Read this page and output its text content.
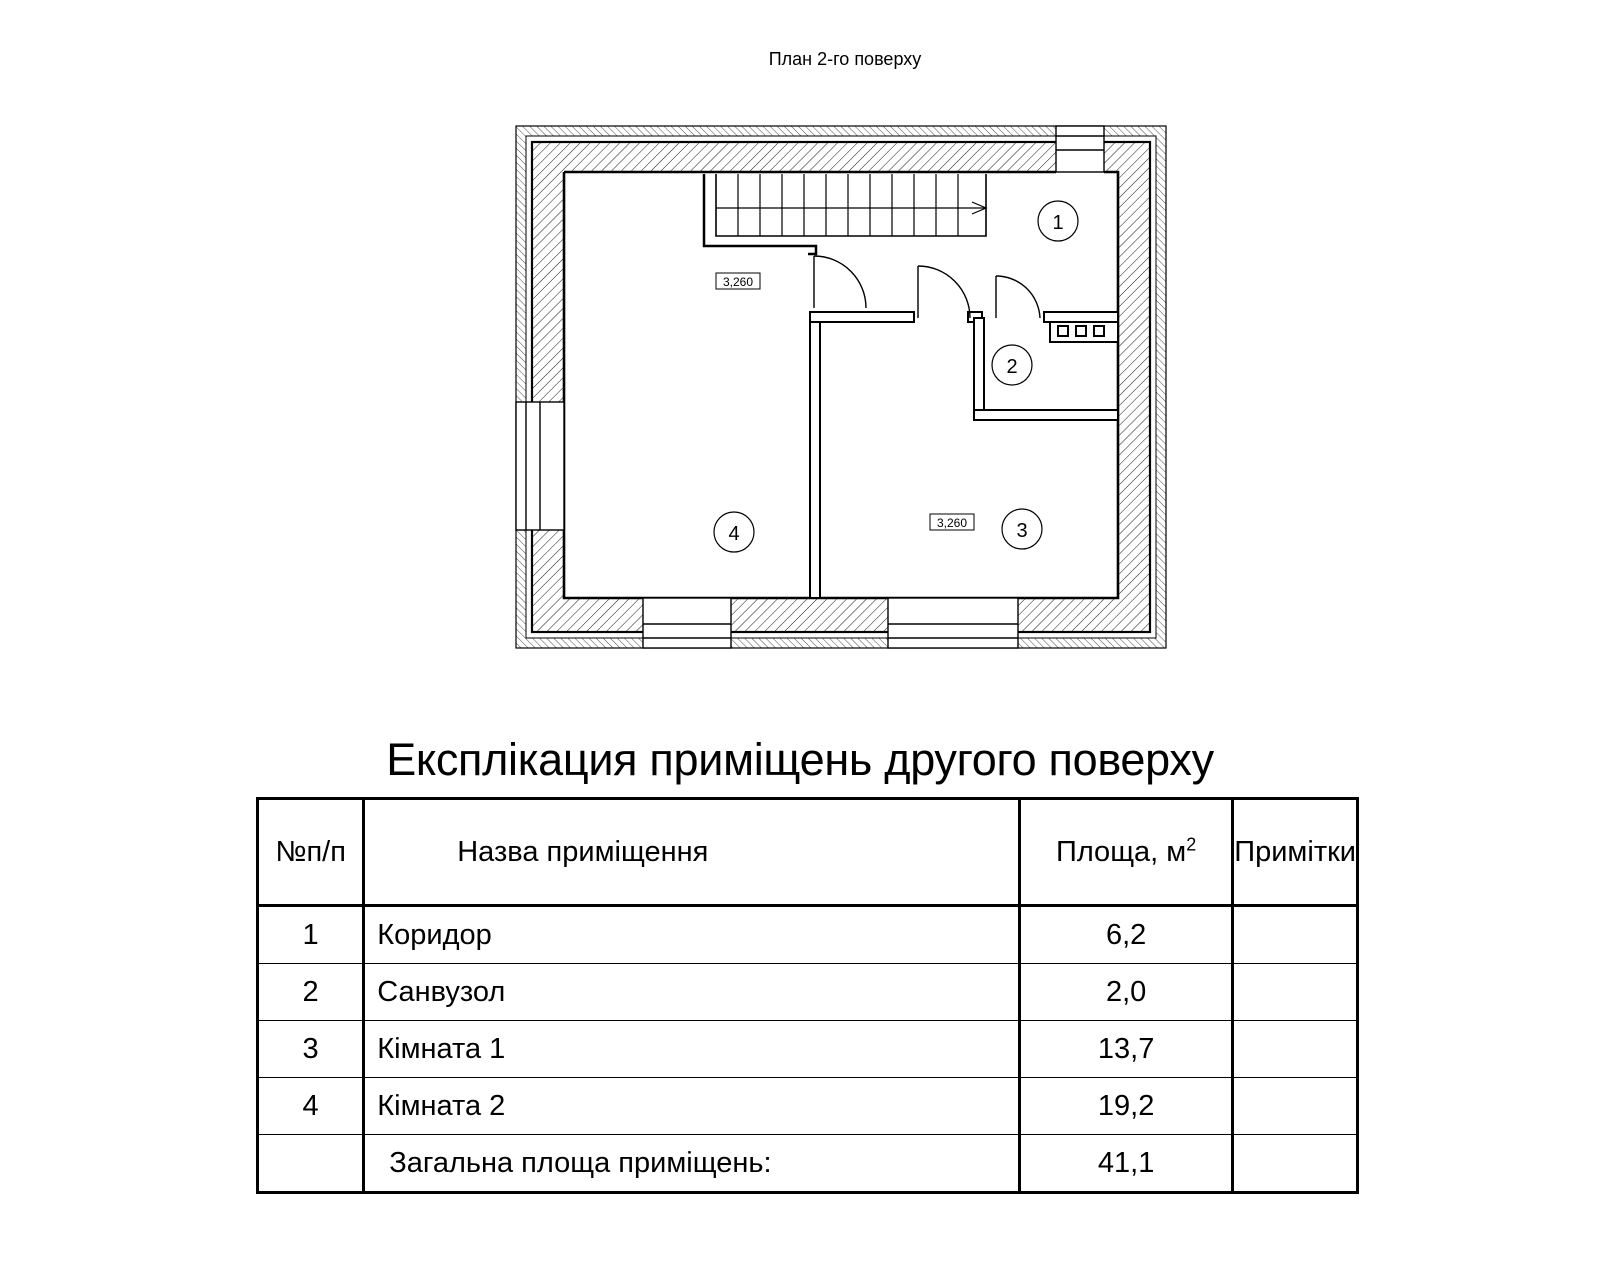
План 2-го поверху
3,260
3,260
1
2
3
4
Експлікация приміщень другого поверху
№п/п	Назва приміщення	Площа, $м^2$	Примітки
1	Коридор	6,2	
2	Санвузол	2,0	
3	Кімната 1	13,7	
4	Кімната 2	19,2	
	Загальна площа приміщень:	41,1	
